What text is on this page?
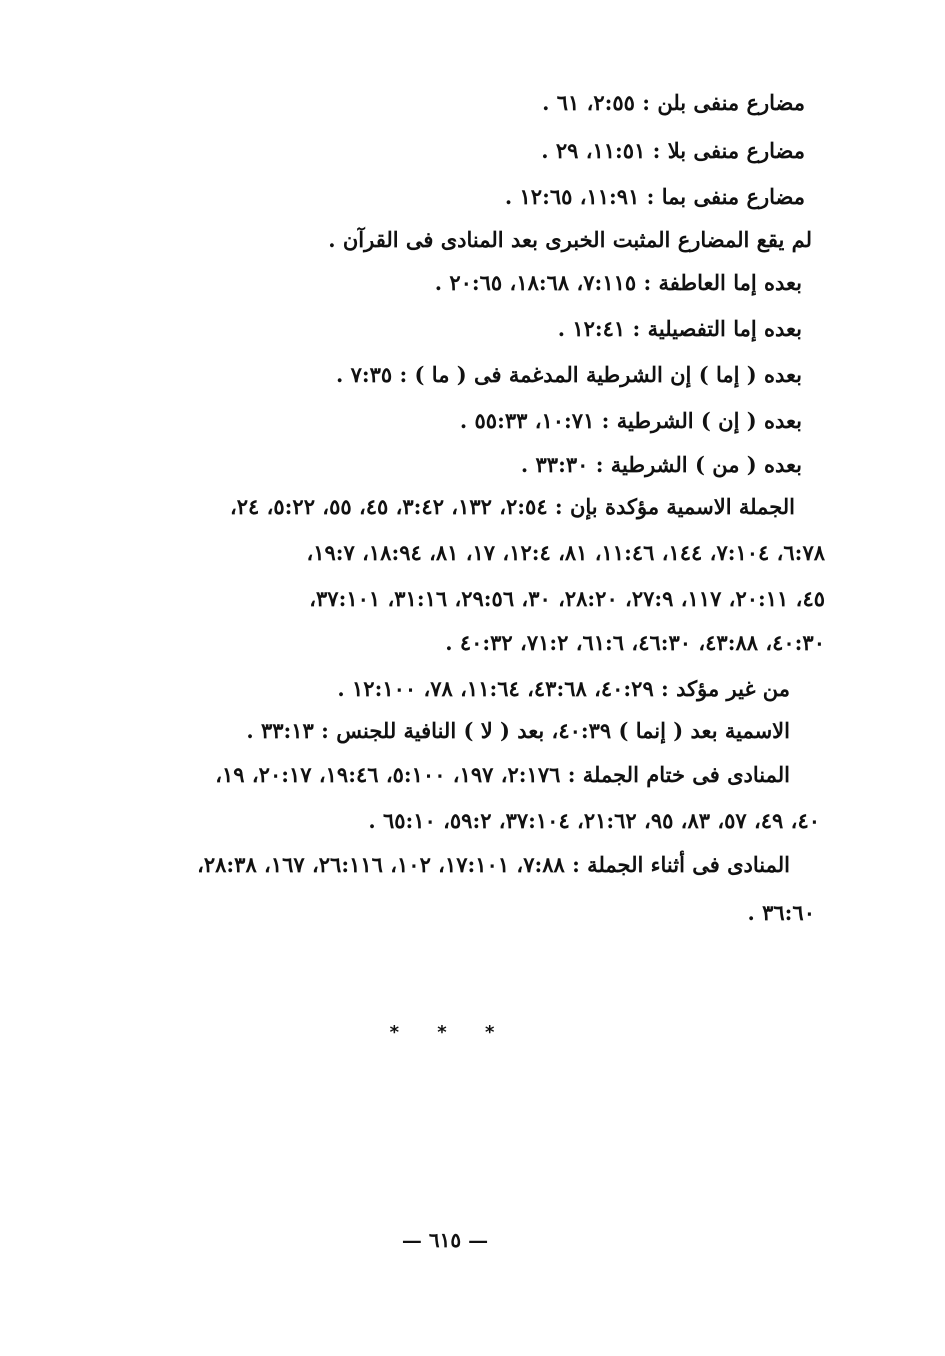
مضارع منفى بلن : ٢:٥٥، ٦١ .
مضارع منفى بلا : ١١:٥١، ٢٩ .
مضارع منفى بما : ١١:٩١، ١٢:٦٥ .
لم يقع المضارع المثبت الخبرى بعد المنادى فى القرآن .
بعده إما العاطفة : ٧:١١٥، ١٨:٦٨، ٢٠:٦٥ .
بعده إما التفصيلية : ١٢:٤١ .
بعده ( إما ) إن الشرطية المدغمة فى ( ما ) : ٧:٣٥ .
بعده ( إن ) الشرطية : ١٠:٧١، ٥٥:٣٣ .
بعده ( من ) الشرطية : ٣٣:٣٠ .
الجملة الاسمية مؤكدة بإن : ٢:٥٤، ١٣٢، ٣:٤٢، ٤٥، ٥٥، ٥:٢٢، ٢٤،
٦:٧٨، ٧:١٠٤، ١٤٤، ١١:٤٦، ٨١، ١٢:٤، ١٧، ٨١، ١٨:٩٤، ١٩:٧،
٤٥، ٢٠:١١، ١١٧، ٢٧:٩، ٢٨:٢٠، ٣٠، ٢٩:٥٦، ٣١:١٦، ٣٧:١٠١،
٤٠:٣٠، ٤٣:٨٨، ٤٦:٣٠، ٦١:٦، ٧١:٢، ٤٠:٣٢ .
من غير مؤكد : ٤٠:٢٩، ٤٣:٦٨، ١١:٦٤، ٧٨، ١٢:١٠٠ .
الاسمية بعد ( إنما ) ٤٠:٣٩، بعد ( لا ) النافية للجنس : ٣٣:١٣ .
المنادى فى ختام الجملة : ٢:١٧٦، ١٩٧، ٥:١٠٠، ١٩:٤٦، ٢٠:١٧، ١٩،
٤٠، ٤٩، ٥٧، ٨٣، ٩٥، ٢١:٦٢، ٣٧:١٠٤، ٥٩:٢، ٦٥:١٠ .
المنادى فى أثناء الجملة : ٧:٨٨، ١٧:١٠١، ١٠٢، ٢٦:١١٦، ١٦٧، ٢٨:٣٨،
٣٦:٦٠ .
* * *
— ٦١٥ —
